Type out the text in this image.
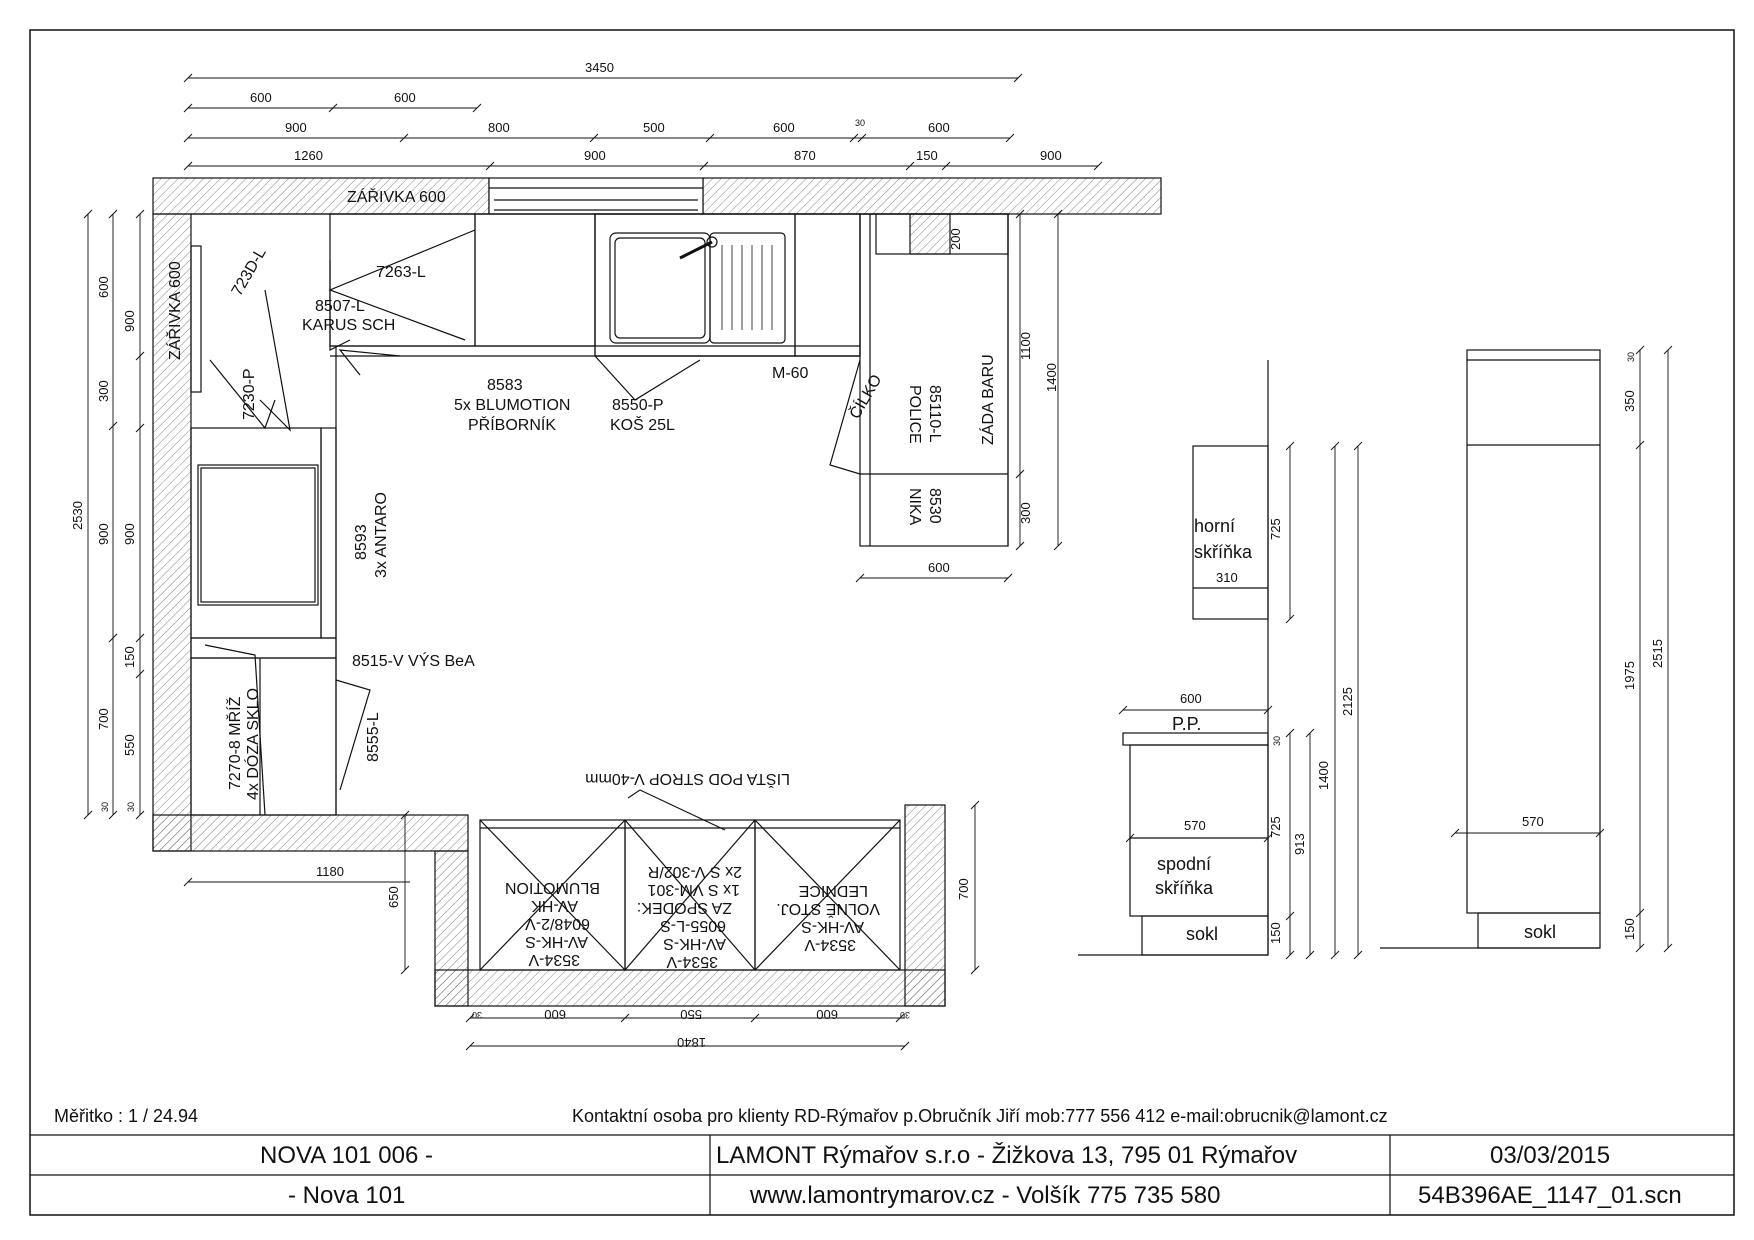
ZÁŘIVKA 600
ZÁŘIVKA 600	723D-L	7263-L
8507-L
KARUS SCH
7230-P	8583
5x BLUMOTION
PŘÍBORNÍK
8550-P
KOŠ 25L
M-60 ČÍLKO	85110-L
POLICE	ZÁDA BARU
8530
NIKA
8593 3x ANTARO
8515-V VÝS BeA
7270-8 MŘÍŽ 4x DÓZA SKLO	8555-L
LIŠTA POD STROP V-40mm
3534-V
AV-HK-S
6048/2-V
AV-HK
BLUMOTION
3534-V
AV-HK-S
6055-L-S
ZA SPODEK:
1x S VM-301
2x S V-302/R
3534-V
AV-HK-S
VOLNĚ STOJ.
LEDNICE
3450
600	600
900	800	500	600	30	600
1260	900	870	150	900
600
900
300
900
2530
900
150
700
550
30 30
200
1100
1400
300
600
1180
650	700
600	550	600
1840
30	30
horní
skříňka
310
725
600
P.P.
570
spodní
skříňka
sokl
725
913
1400
2125
150
30
350
1975
2515
570
sokl	150
30
Měřitko : 1 / 24.94	Kontaktní osoba pro klienty RD-Rýmařov p.Obručník Jiří mob:777 556 412 e-mail:obrucnik@lamont.cz
NOVA 101 006 -	LAMONT Rýmařov s.r.o - Žižkova 13, 795 01 Rýmařov	03/03/2015
- Nova 101	www.lamontrymarov.cz - Volšík 775 735 580	54B396AE_1147_01.scn
